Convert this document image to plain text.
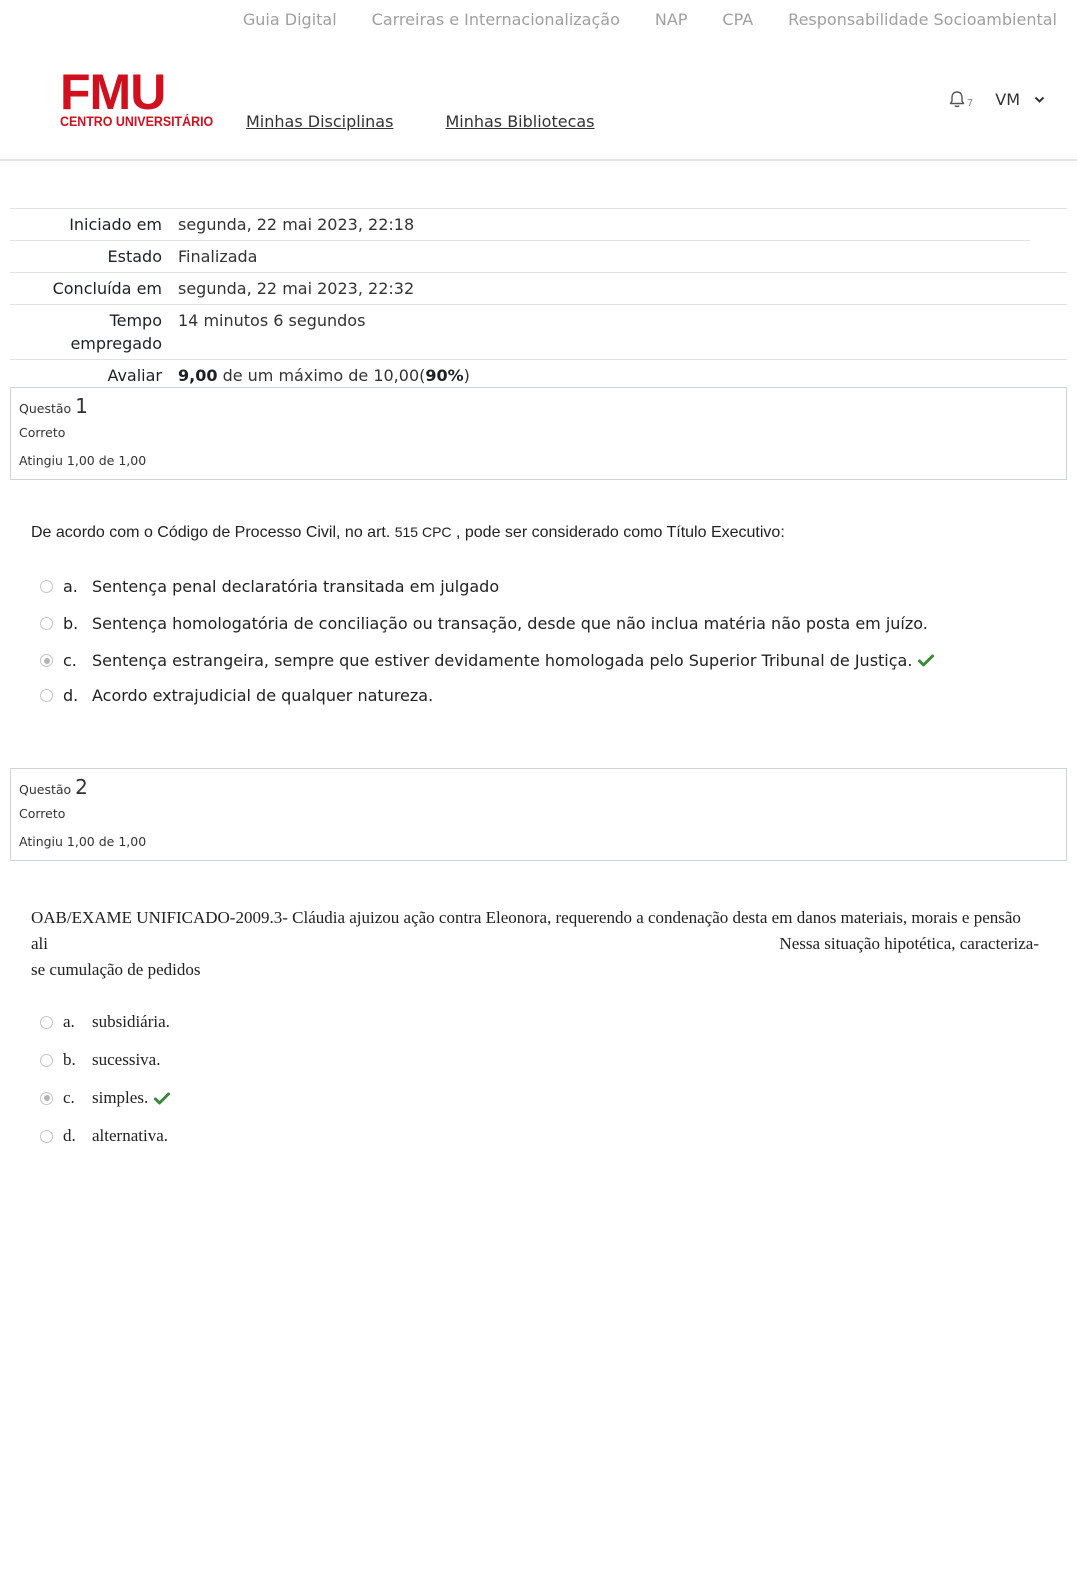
Guia Digital Carreiras e Internacionalização NAP CPA Responsabilidade Socioambiental
FMU
CENTRO UNIVERSITÁRIO Minhas Disciplinas	Minhas Bibliotecas
7 VM
Iniciado em	segunda, 22 mai 2023, 22:18
Estado	Finalizada
Concluída em	segunda, 22 mai 2023, 22:32
Tempo
empregado
14 minutos 6 segundos
Avaliar	9,00 de um máximo de 10,00(90%)
Questão 1
Correto
Atingiu 1,00 de 1,00
De acordo com o Código de Processo Civil, no art. 515 CPC , pode ser considerado como Título Executivo:
a. Sentença penal declaratória transitada em julgado
b. Sentença homologatória de conciliação ou transação, desde que não inclua matéria não posta em juízo.
c. Sentença estrangeira, sempre que estiver devidamente homologada pelo Superior Tribunal de Justiça.
d. Acordo extrajudicial de qualquer natureza.
Questão 2
Correto
Atingiu 1,00 de 1,00
OAB/EXAME UNIFICADO-2009.3- Cláudia ajuizou ação contra Eleonora, requerendo a condenação desta em danos materiais, morais e pensão
ali	Nessa situação hipotética, caracteriza-
se cumulação de pedidos
a.	subsidiária.
b. sucessiva.
c.	simples.
d. alternativa.
